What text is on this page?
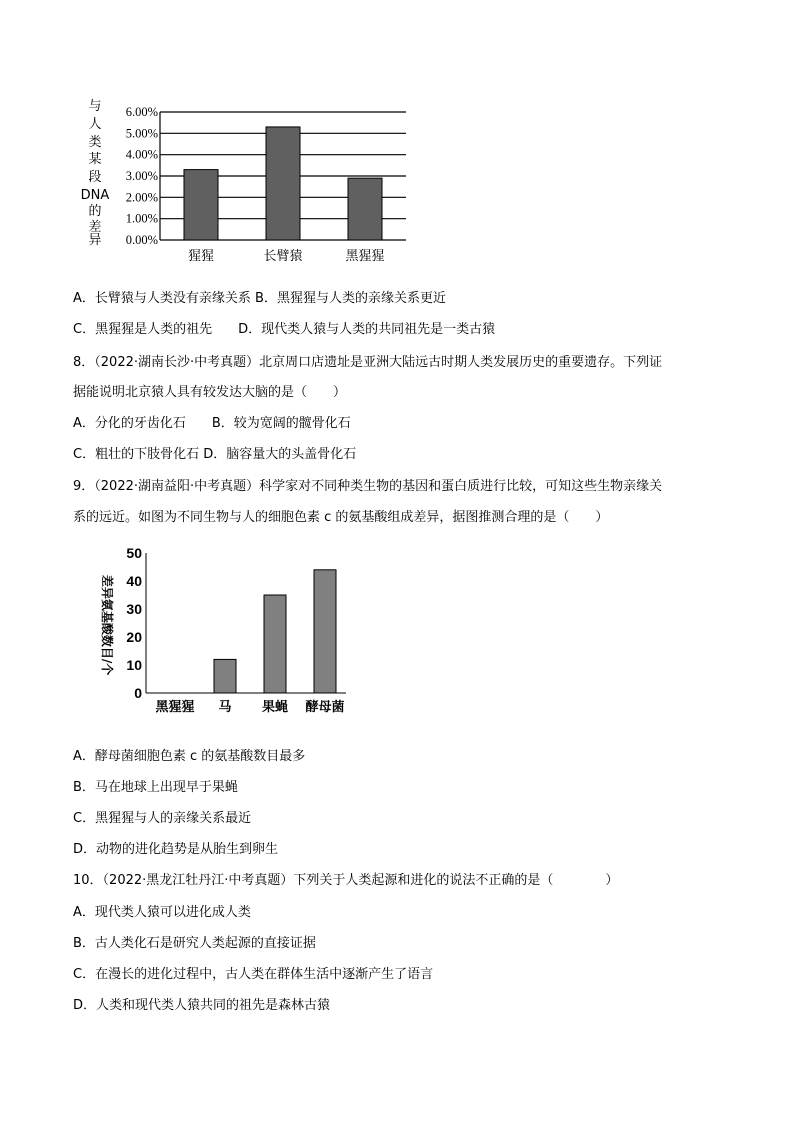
0.00%
1.00%
2.00%
3.00%
4.00%
5.00%
6.00%
猩猩	长臂猿	黑猩猩
与
人
类
某
段
DNA
的
差
异
A．长臂猿与人类没有亲缘关系 B．黑猩猩与人类的亲缘关系更近
C．黑猩猩是人类的祖先　　D．现代类人猿与人类的共同祖先是一类古猿
8．（2022·湖南长沙·中考真题）北京周口店遗址是亚洲大陆远古时期人类发展历史的重要遗存。下列证
据能说明北京猿人具有较发达大脑的是（　　）
A．分化的牙齿化石　　B．较为宽阔的髋骨化石
C．粗壮的下肢骨化石 D．脑容量大的头盖骨化石
9．（2022·湖南益阳·中考真题）科学家对不同种类生物的基因和蛋白质进行比较，可知这些生物亲缘关
系的远近。如图为不同生物与人的细胞色素 c 的氨基酸组成差异，据图推测合理的是（　　）
0
10
20
30
40
50
黑猩猩 马 果蝇 酵母菌
差异氨基酸数目/个
A．酵母菌细胞色素 c 的氨基酸数目最多
B．马在地球上出现早于果蝇
C．黑猩猩与人的亲缘关系最近
D．动物的进化趋势是从胎生到卵生
10．（2022·黑龙江牡丹江·中考真题）下列关于人类起源和进化的说法不正确的是（　　　　）
A．现代类人猿可以进化成人类
B．古人类化石是研究人类起源的直接证据
C．在漫长的进化过程中，古人类在群体生活中逐渐产生了语言
D．人类和现代类人猿共同的祖先是森林古猿
